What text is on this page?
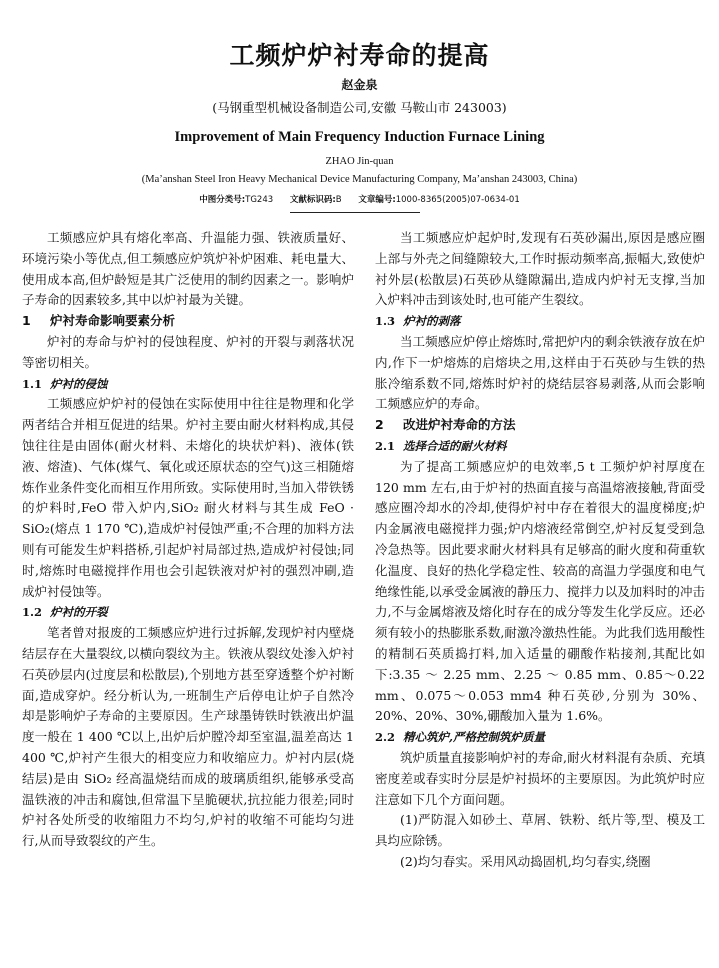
工频炉炉衬寿命的提高
赵金泉
(马钢重型机械设备制造公司,安徽 马鞍山市 243003)
Improvement of Main Frequency Induction Furnace Lining
ZHAO Jin-quan
(Ma’anshan Steel Iron Heavy Mechanical Device Manufacturing Company, Ma’anshan 243003, China)
中图分类号:TG243 文献标识码:B 文章编号:1000-8365(2005)07-0634-01

工频感应炉具有熔化率高、升温能力强、铁液质量好、环境污染小等优点,但工频感应炉筑炉补炉困难、耗电量大、使用成本高,但炉龄短是其广泛使用的制约因素之一。影响炉子寿命的因素较多,其中以炉衬最为关键。

1 炉衬寿命影响要素分析

炉衬的寿命与炉衬的侵蚀程度、炉衬的开裂与剥落状况等密切相关。

1.1 炉衬的侵蚀

工频感应炉炉衬的侵蚀在实际使用中往往是物理和化学两者结合并相互促进的结果。炉衬主要由耐火材料构成,其侵蚀往往是由固体(耐火材料、未熔化的块状炉料)、液体(铁液、熔渣)、气体(煤气、氧化或还原状态的空气)这三相随熔炼作业条件变化而相互作用所致。实际使用时,当加入带铁锈的炉料时,FeO 带入炉内,SiO₂ 耐火材料与其生成 FeO · SiO₂(熔点 1 170 ℃),造成炉衬侵蚀严重;不合理的加料方法则有可能发生炉料搭桥,引起炉衬局部过热,造成炉衬侵蚀;同时,熔炼时电磁搅拌作用也会引起铁液对炉衬的强烈冲刷,造成炉衬侵蚀等。

1.2 炉衬的开裂

笔者曾对报废的工频感应炉进行过拆解,发现炉衬内壁烧结层存在大量裂纹,以横向裂纹为主。铁液从裂纹处渗入炉衬石英砂层内(过度层和松散层),个别地方甚至穿透整个炉衬断面,造成穿炉。经分析认为,一班制生产后停电让炉子自然冷却是影响炉子寿命的主要原因。生产球墨铸铁时铁液出炉温度一般在 1 400 ℃以上,出炉后炉膛冷却至室温,温差高达 1 400 ℃,炉衬产生很大的相变应力和收缩应力。炉衬内层(烧结层)是由 SiO₂ 经高温烧结而成的玻璃质组织,能够承受高温铁液的冲击和腐蚀,但常温下呈脆硬状,抗拉能力很差;同时炉衬各处所受的收缩阻力不均匀,炉衬的收缩不可能均匀进行,从而导致裂纹的产生。

当工频感应炉起炉时,发现有石英砂漏出,原因是感应圈上部与外壳之间缝隙较大,工作时振动频率高,振幅大,致使炉衬外层(松散层)石英砂从缝隙漏出,造成内炉衬无支撑,当加入炉料冲击到该处时,也可能产生裂纹。

1.3 炉衬的剥落

当工频感应炉停止熔炼时,常把炉内的剩余铁液存放在炉内,作下一炉熔炼的启熔块之用,这样由于石英砂与生铁的热胀冷缩系数不同,熔炼时炉衬的烧结层容易剥落,从而会影响工频感应炉的寿命。

2 改进炉衬寿命的方法
2.1 选择合适的耐火材料

为了提高工频感应炉的电效率,5 t 工频炉炉衬厚度在 120 mm 左右,由于炉衬的热面直接与高温熔液接触,背面受感应圈冷却水的冷却,使得炉衬中存在着很大的温度梯度;炉内金属液电磁搅拌力强;炉内熔液经常倒空,炉衬反复受到急冷急热等。因此要求耐火材料具有足够高的耐火度和荷重软化温度、良好的热化学稳定性、较高的高温力学强度和电气绝缘性能,以承受金属液的静压力、搅拌力以及加料时的冲击力,不与金属熔液及熔化时存在的成分等发生化学反应。还必须有较小的热膨胀系数,耐激冷激热性能。为此我们选用酸性的精制石英质捣打料,加入适量的硼酸作粘接剂,其配比如下:3.35 ～ 2.25 mm、2.25 ～ 0.85 mm、0.85～0.22 mm、0.075～0.053 mm4 种石英砂,分别为 30%、20%、20%、30%,硼酸加入量为 1.6%。

2.2 精心筑炉,严格控制筑炉质量

筑炉质量直接影响炉衬的寿命,耐火材料混有杂质、充填密度差或春实时分层是炉衬损坏的主要原因。为此筑炉时应注意如下几个方面问题。

(1)严防混入如砂土、草屑、铁粉、纸片等,型、模及工具均应除锈。

(2)均匀春实。采用风动捣固机,均匀春实,绕圈
